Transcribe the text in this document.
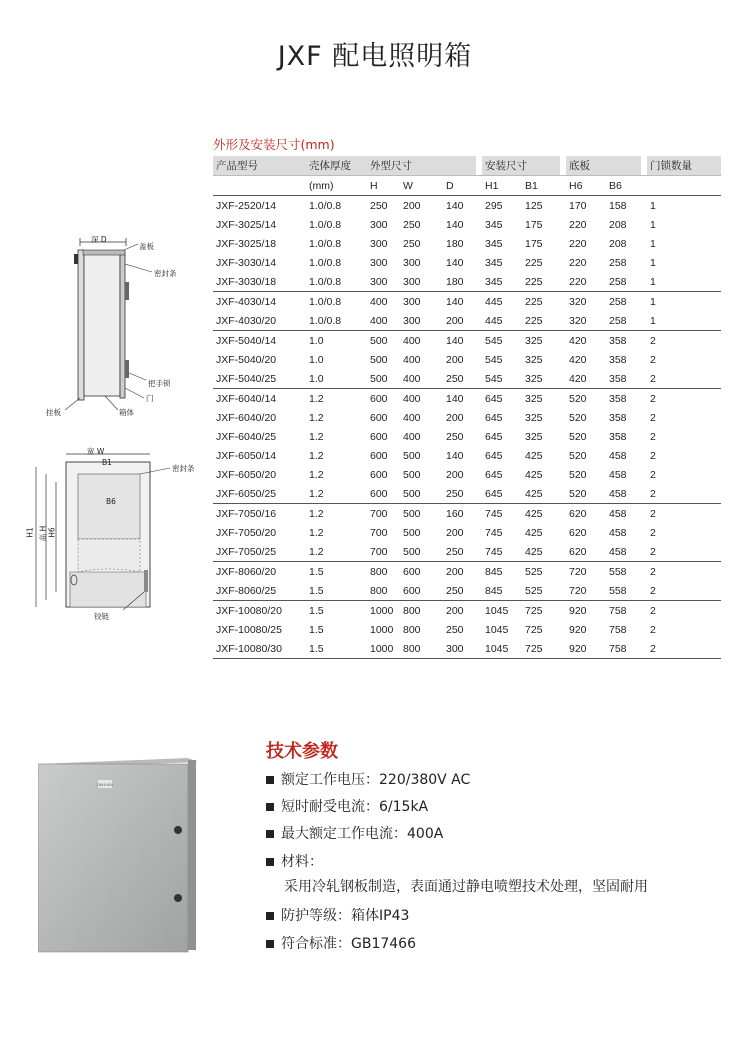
JXF 配电照明箱
外形及安装尺寸(mm)
产品型号	壳体厚度	外型尺寸				安装尺寸			底板			门锁数量
	(mm)	H	W	D		H1	B1		H6	B6		
JXF-2520/14	1.0/0.8	250	200	140		295	125		170	158		1
JXF-3025/14	1.0/0.8	300	250	140		345	175		220	208		1
JXF-3025/18	1.0/0.8	300	250	180		345	175		220	208		1
JXF-3030/14	1.0/0.8	300	300	140		345	225		220	258		1
JXF-3030/18	1.0/0.8	300	300	180		345	225		220	258		1
JXF-4030/14	1.0/0.8	400	300	140		445	225		320	258		1
JXF-4030/20	1.0/0.8	400	300	200		445	225		320	258		1
JXF-5040/14	1.0	500	400	140		545	325		420	358		2
JXF-5040/20	1.0	500	400	200		545	325		420	358		2
JXF-5040/25	1.0	500	400	250		545	325		420	358		2
JXF-6040/14	1.2	600	400	140		645	325		520	358		2
JXF-6040/20	1.2	600	400	200		645	325		520	358		2
JXF-6040/25	1.2	600	400	250		645	325		520	358		2
JXF-6050/14	1.2	600	500	140		645	425		520	458		2
JXF-6050/20	1.2	600	500	200		645	425		520	458		2
JXF-6050/25	1.2	600	500	250		645	425		520	458		2
JXF-7050/16	1.2	700	500	160		745	425		620	458		2
JXF-7050/20	1.2	700	500	200		745	425		620	458		2
JXF-7050/25	1.2	700	500	250		745	425		620	458		2
JXF-8060/20	1.5	800	600	200		845	525		720	558		2
JXF-8060/25	1.5	800	600	250		845	525		720	558		2
JXF-10080/20	1.5	1000	800	200		1045	725		920	758		2
JXF-10080/25	1.5	1000	800	250		1045	725		920	758		2
JXF-10080/30	1.5	1000	800	300		1045	725		920	758		2
深 D
盖板
密封条
把手锁
门
挂板	箱体
宽 W
B1
密封条
B6
H1 高 H H6
铰链
DAHLIEN
技术参数
额定工作电压：220/380V AC
短时耐受电流：6/15kA
最大额定工作电流：400A
材料：
防护等级：箱体IP43
符合标准：GB17466
采用冷轧钢板制造，表面通过静电喷塑技术处理，坚固耐用
